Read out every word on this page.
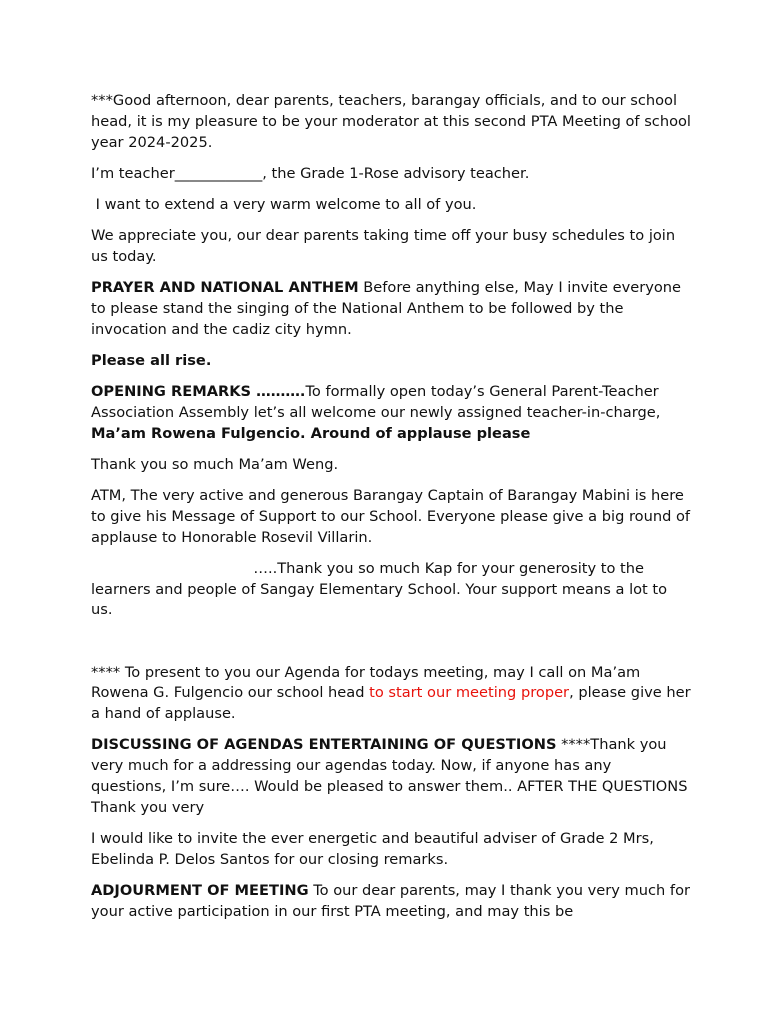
***Good afternoon, dear parents, teachers, barangay officials, and to our school head, it is my pleasure to be your moderator at this second PTA Meeting of school year 2024-2025.

I’m teacher____________, the Grade 1-Rose advisory teacher.

I want to extend a very warm welcome to all of you.

We appreciate you, our dear parents taking time off your busy schedules to join us today.

PRAYER AND NATIONAL ANTHEM Before anything else, May I invite everyone to please stand the singing of the National Anthem to be followed by the invocation and the cadiz city hymn.

Please all rise.

OPENING REMARKS ……….To formally open today’s General Parent-Teacher Association Assembly let’s all welcome our newly assigned teacher-in-charge, Ma’am Rowena Fulgencio. Around of applause please

Thank you so much Ma’am Weng.

ATM, The very active and generous Barangay Captain of Barangay Mabini is here to give his Message of Support to our School. Everyone please give a big round of applause to Honorable Rosevil Villarin.

…..Thank you so much Kap for your generosity to the learners and people of Sangay Elementary School. Your support means a lot to us.

**** To present to you our Agenda for todays meeting, may I call on Ma’am Rowena G. Fulgencio our school head to start our meeting proper, please give her a hand of applause.

DISCUSSING OF AGENDAS ENTERTAINING OF QUESTIONS ****Thank you very much for a addressing our agendas today. Now, if anyone has any questions, I’m sure…. Would be pleased to answer them.. AFTER THE QUESTIONS Thank you very

I would like to invite the ever energetic and beautiful adviser of Grade 2 Mrs, Ebelinda P. Delos Santos for our closing remarks.

ADJOURMENT OF MEETING To our dear parents, may I thank you very much for your active participation in our first PTA meeting, and may this be
